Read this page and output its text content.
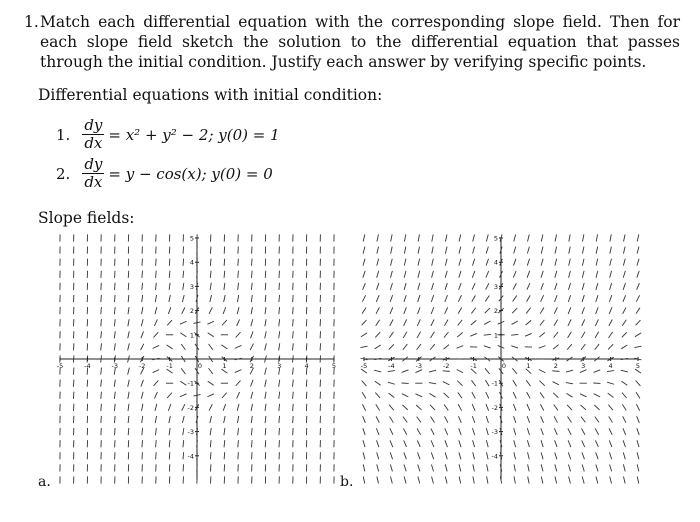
1. Match each differential equation with the corresponding slope field. Then for each slope field sketch the solution to the differential equation that passes through the initial condition. Justify each answer by verifying specific points.
Differential equations with initial condition:
1. $\frac{dy}{dx} = x^2 + y^2 - 2$; y(0) = 1
2. $\frac{dy}{dx} = y - \cos(x)$; y(0) = 0
Slope fields:
-5	-4	-3	-2	-1	0	1	2	3	4	5
5
4
3
2
1
-1
-2
-3
-4
a.
-5	-4	-3	-2	-1	0	1	2	3	4	5
5
4
3
2
1
-1
-2
-3
-4
b.
